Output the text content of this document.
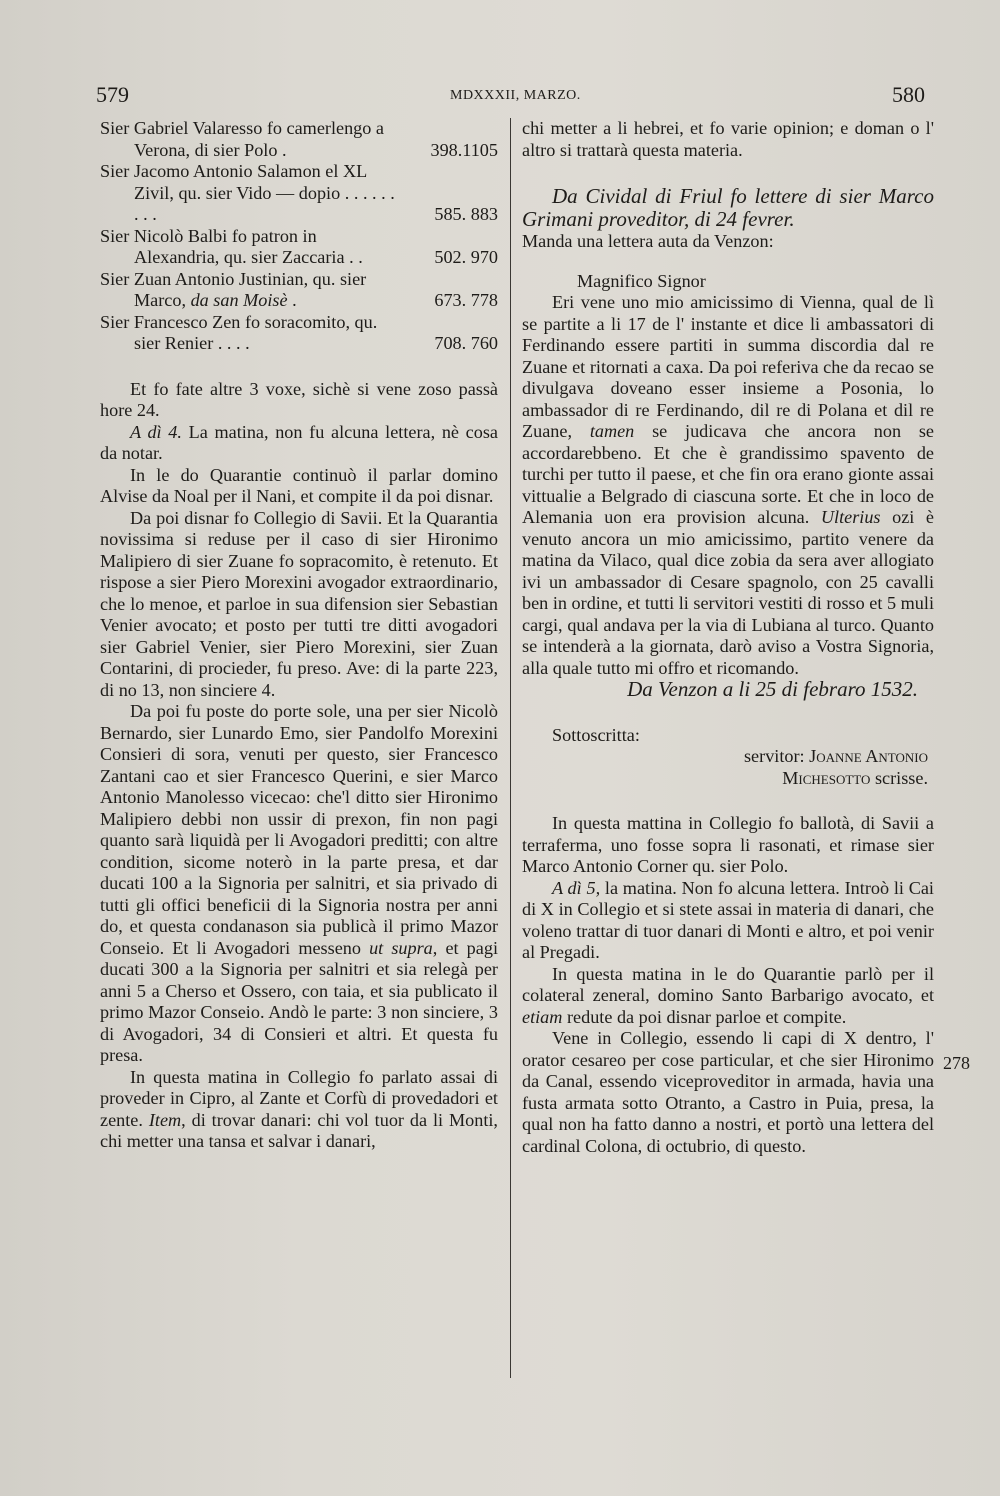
579	MDXXXII, MARZO.	580

Sier Gabriel Valaresso fo camerlengo a Verona, di sier Polo .	398.1105

Sier Jacomo Antonio Salamon el XL Zivil, qu. sier Vido — dopio . . . . . . . . .	585. 883

Sier Nicolò Balbi fo patron in Alexandria, qu. sier Zaccaria . .	502. 970

Sier Zuan Antonio Justinian, qu. sier Marco, da san Moisè .	673. 778

Sier Francesco Zen fo soracomito, qu. sier Renier . . . .	708. 760

Et fo fate altre 3 voxe, sichè si vene zoso passà hore 24.

A dì 4. La matina, non fu alcuna lettera, nè cosa da notar.

In le do Quarantie continuò il parlar domino Alvise da Noal per il Nani, et compite il da poi disnar.

Da poi disnar fo Collegio di Savii. Et la Quarantia novissima si reduse per il caso di sier Hironimo Malipiero di sier Zuane fo sopracomito, è retenuto. Et rispose a sier Piero Morexini avogador extraordinario, che lo menoe, et parloe in sua difension sier Sebastian Venier avocato; et posto per tutti tre ditti avogadori sier Gabriel Venier, sier Piero Morexini, sier Zuan Contarini, di procieder, fu preso. Ave: di la parte 223, di no 13, non sinciere 4.

Da poi fu poste do porte sole, una per sier Nicolò Bernardo, sier Lunardo Emo, sier Pandolfo Morexini Consieri di sora, venuti per questo, sier Francesco Zantani cao et sier Francesco Querini, e sier Marco Antonio Manolesso vicecao: che'l ditto sier Hironimo Malipiero debbi non ussir di prexon, fin non pagi quanto sarà liquidà per li Avogadori preditti; con altre condition, sicome noterò in la parte presa, et dar ducati 100 a la Signoria per salnitri, et sia privado di tutti gli offici beneficii di la Signoria nostra per anni do, et questa condanason sia publicà il primo Mazor Conseio. Et li Avogadori messeno ut supra, et pagi ducati 300 a la Signoria per salnitri et sia relegà per anni 5 a Cherso et Ossero, con taia, et sia publicato il primo Mazor Conseio. Andò le parte: 3 non sinciere, 3 di Avogadori, 34 di Consieri et altri. Et questa fu presa.

In questa matina in Collegio fo parlato assai di proveder in Cipro, al Zante et Corfù di provedadori et zente. Item, di trovar danari: chi vol tuor da li Monti, chi metter una tansa et salvar i danari,

chi metter a li hebrei, et fo varie opinion; e doman o l' altro si trattarà questa materia.

Da Cividal di Friul fo lettere di sier Marco Grimani proveditor, di 24 fevrer.

Manda una lettera auta da Venzon:

Magnifico Signor

Eri vene uno mio amicissimo di Vienna, qual de lì se partite a li 17 de l' instante et dice li ambassatori di Ferdinando essere partiti in summa discordia dal re Zuane et ritornati a caxa. Da poi referiva che da recao se divulgava doveano esser insieme a Posonia, lo ambassador di re Ferdinando, dil re di Polana et dil re Zuane, tamen se judicava che ancora non se accordarebbeno. Et che è grandissimo spavento de turchi per tutto il paese, et che fin ora erano gionte assai vittualie a Belgrado di ciascuna sorte. Et che in loco de Alemania uon era provision alcuna. Ulterius ozi è venuto ancora un mio amicissimo, partito venere da matina da Vilaco, qual dice zobia da sera aver allogiato ivi un ambassador di Cesare spagnolo, con 25 cavalli ben in ordine, et tutti li servitori vestiti di rosso et 5 muli cargi, qual andava per la via di Lubiana al turco. Quanto se intenderà a la giornata, darò aviso a Vostra Signoria, alla quale tutto mi offro et ricomando.

Da Venzon a li 25 di febraro 1532.

Sottoscritta:

servitor: Joanne Antonio

Michesotto scrisse.

In questa mattina in Collegio fo ballotà, di Savii a terraferma, uno fosse sopra li rasonati, et rimase sier Marco Antonio Corner qu. sier Polo.

A dì 5, la matina. Non fo alcuna lettera. Introò li Cai di X in Collegio et si stete assai in materia di danari, che voleno trattar di tuor danari di Monti e altro, et poi venir al Pregadi.

In questa matina in le do Quarantie parlò per il colateral zeneral, domino Santo Barbarigo avocato, et etiam redute da poi disnar parloe et compite.

Vene in Collegio, essendo li capi di X dentro, l' orator cesareo per cose particular, et che sier Hironimo da Canal, essendo viceproveditor in armada, havia una fusta armata sotto Otranto, a Castro in Puia, presa, la qual non ha fatto danno a nostri, et portò una lettera del cardinal Colona, di octubrio, di questo.

278
